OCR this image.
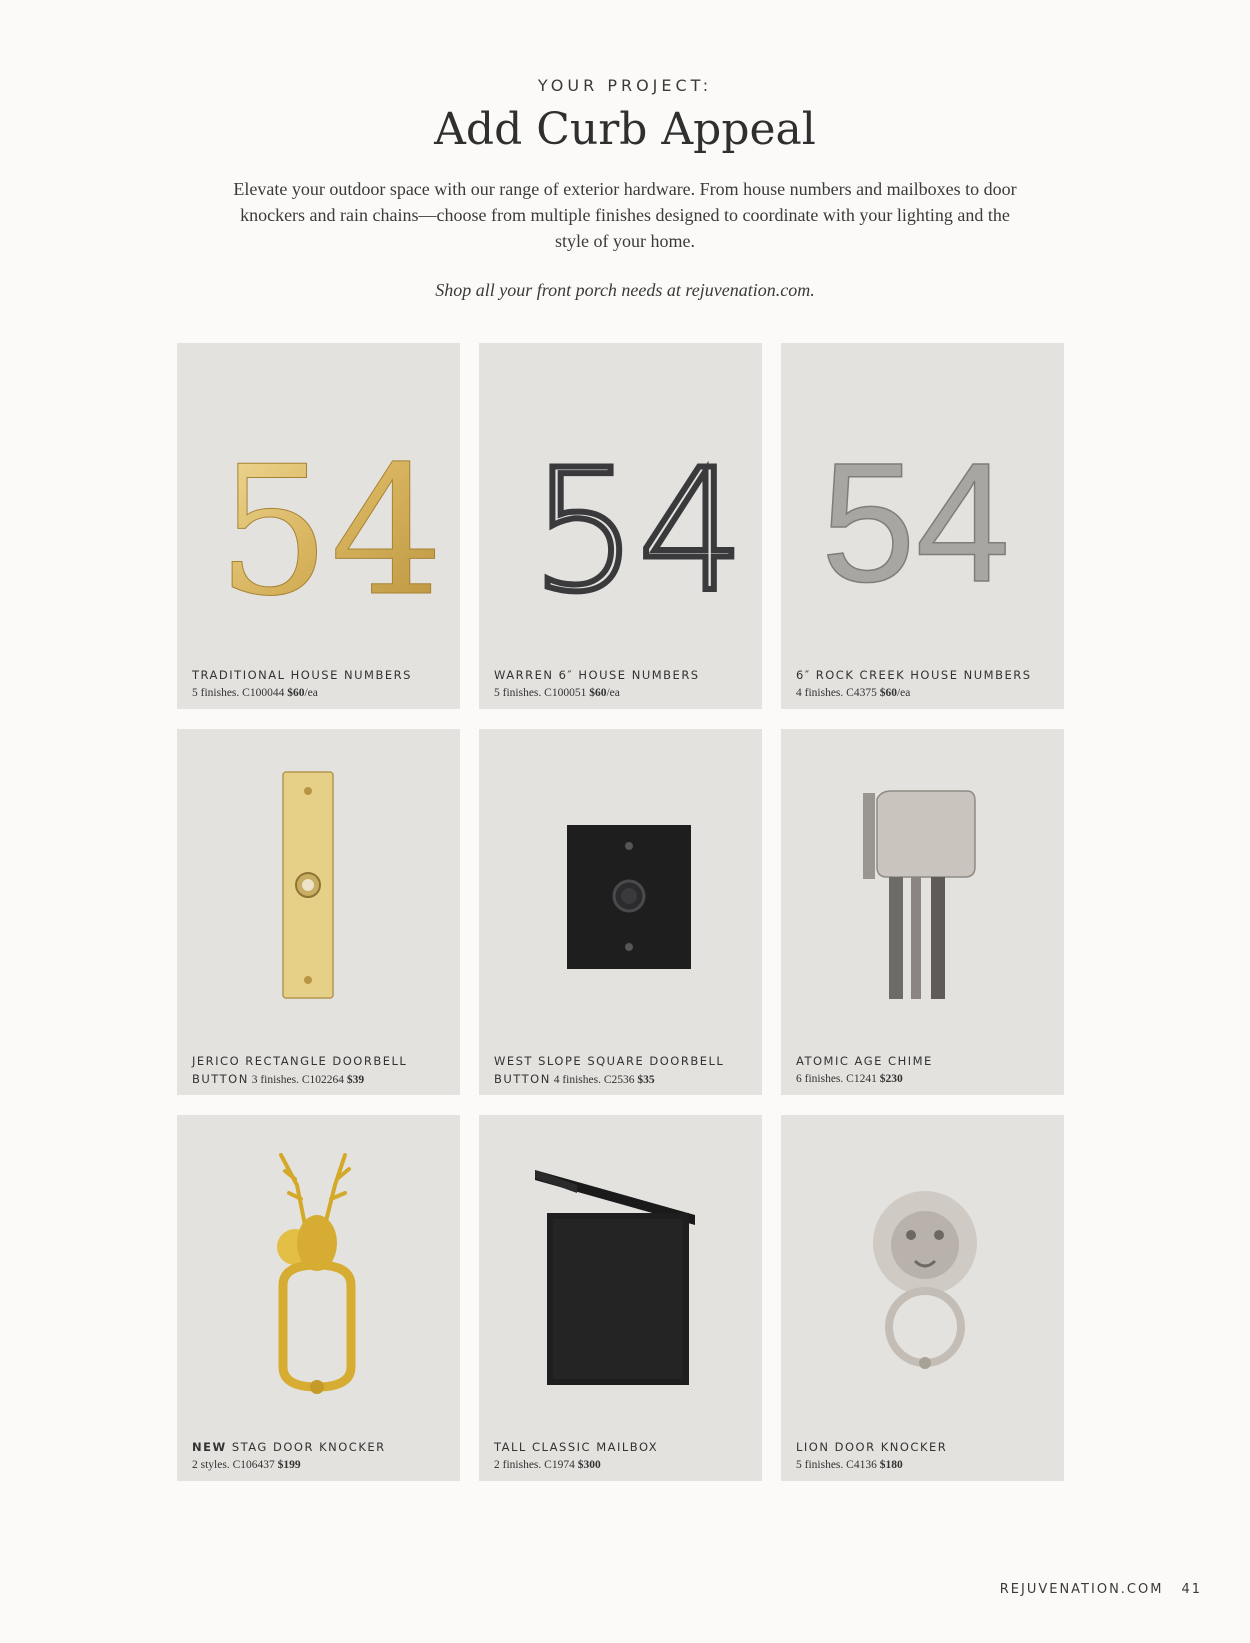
YOUR PROJECT:
Add Curb Appeal

Elevate your outdoor space with our range of exterior hardware. From house numbers and mailboxes to door knockers and rain chains—choose from multiple finishes designed to coordinate with your lighting and the style of your home.

Shop all your front porch needs at rejuvenation.com.

54
TRADITIONAL HOUSE NUMBERS
5 finishes. C100044 $60/ea
54
WARREN 6″ HOUSE NUMBERS
5 finishes. C100051 $60/ea
54
6″ ROCK CREEK HOUSE NUMBERS
4 finishes. C4375 $60/ea
JERICO RECTANGLE DOORBELL
BUTTON 3 finishes. C102264 $39
WEST SLOPE SQUARE DOORBELL
BUTTON 4 finishes. C2536 $35
ATOMIC AGE CHIME
6 finishes. C1241 $230
NEW STAG DOOR KNOCKER
2 styles. C106437 $199
TALL CLASSIC MAILBOX
2 finishes. C1974 $300
LION DOOR KNOCKER
5 finishes. C4136 $180
REJUVENATION.COM 41
